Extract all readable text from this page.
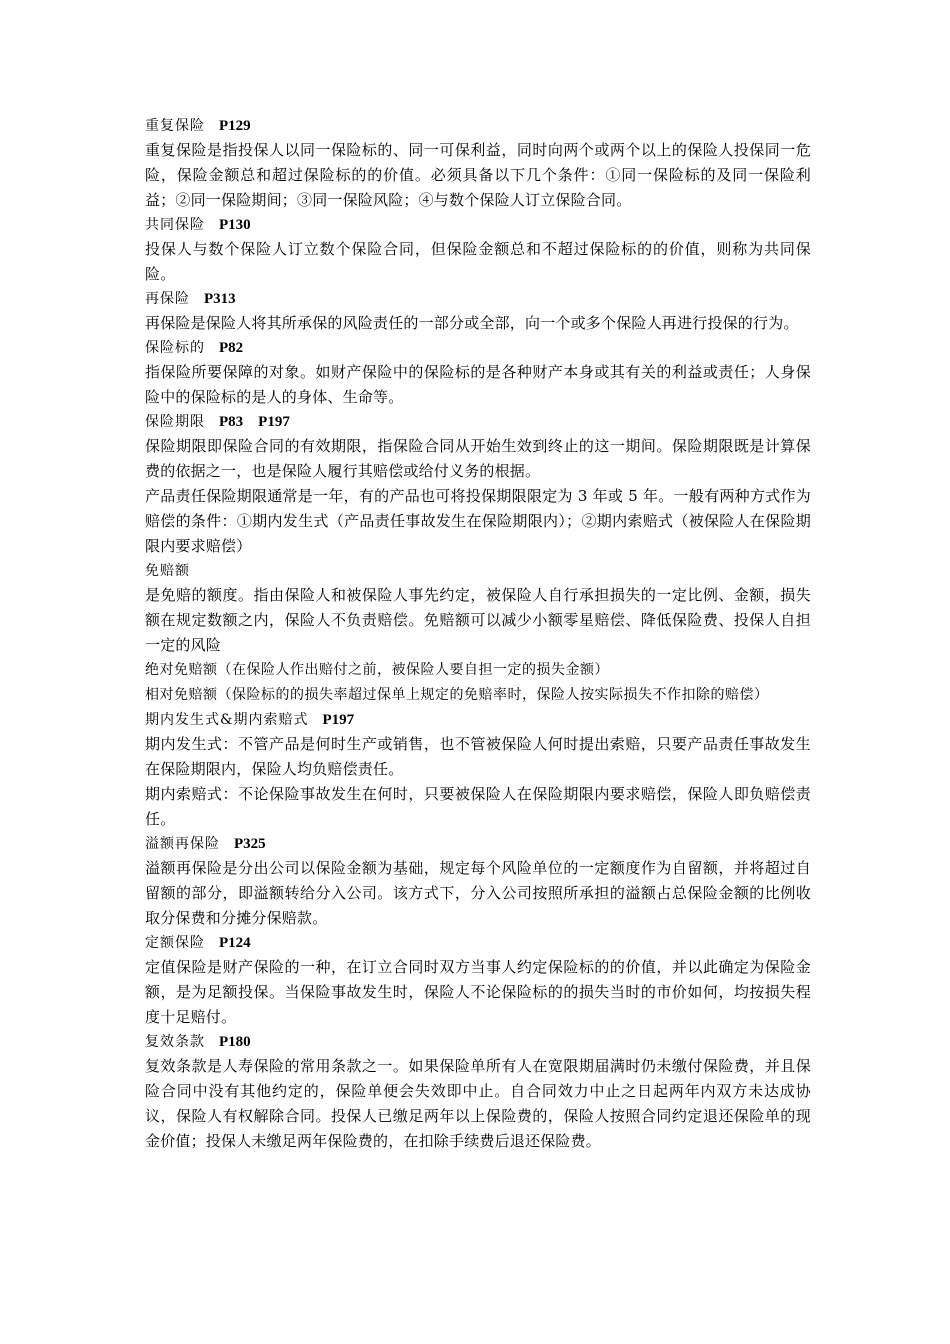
重复保险 P129

重复保险是指投保人以同一保险标的、同一可保利益，同时向两个或两个以上的保险人投保同一危险，保险金额总和超过保险标的的价值。必须具备以下几个条件：①同一保险标的及同一保险利益；②同一保险期间；③同一保险风险；④与数个保险人订立保险合同。

共同保险 P130

投保人与数个保险人订立数个保险合同，但保险金额总和不超过保险标的的价值，则称为共同保险。

再保险 P313

再保险是保险人将其所承保的风险责任的一部分或全部，向一个或多个保险人再进行投保的行为。

保险标的 P82

指保险所要保障的对象。如财产保险中的保险标的是各种财产本身或其有关的利益或责任；人身保险中的保险标的是人的身体、生命等。

保险期限 P83　P197

保险期限即保险合同的有效期限，指保险合同从开始生效到终止的这一期间。保险期限既是计算保费的依据之一，也是保险人履行其赔偿或给付义务的根据。

产品责任保险期限通常是一年，有的产品也可将投保期限限定为 3 年或 5 年。一般有两种方式作为赔偿的条件：①期内发生式（产品责任事故发生在保险期限内）；②期内索赔式（被保险人在保险期限内要求赔偿）

免赔额

是免赔的额度。指由保险人和被保险人事先约定，被保险人自行承担损失的一定比例、金额，损失额在规定数额之内，保险人不负责赔偿。免赔额可以减少小额零星赔偿、降低保险费、投保人自担一定的风险

绝对免赔额（在保险人作出赔付之前，被保险人要自担一定的损失金额）

相对免赔额（保险标的的损失率超过保单上规定的免赔率时，保险人按实际损失不作扣除的赔偿）

期内发生式&期内索赔式 P197

期内发生式：不管产品是何时生产或销售，也不管被保险人何时提出索赔，只要产品责任事故发生在保险期限内，保险人均负赔偿责任。

期内索赔式：不论保险事故发生在何时，只要被保险人在保险期限内要求赔偿，保险人即负赔偿责任。

溢额再保险 P325

溢额再保险是分出公司以保险金额为基础，规定每个风险单位的一定额度作为自留额，并将超过自留额的部分，即溢额转给分入公司。该方式下，分入公司按照所承担的溢额占总保险金额的比例收取分保费和分摊分保赔款。

定额保险 P124

定值保险是财产保险的一种，在订立合同时双方当事人约定保险标的的价值，并以此确定为保险金额，是为足额投保。当保险事故发生时，保险人不论保险标的的损失当时的市价如何，均按损失程度十足赔付。

复效条款 P180

复效条款是人寿保险的常用条款之一。如果保险单所有人在宽限期届满时仍未缴付保险费，并且保险合同中没有其他约定的，保险单便会失效即中止。自合同效力中止之日起两年内双方未达成协议，保险人有权解除合同。投保人已缴足两年以上保险费的，保险人按照合同约定退还保险单的现金价值；投保人未缴足两年保险费的，在扣除手续费后退还保险费。
